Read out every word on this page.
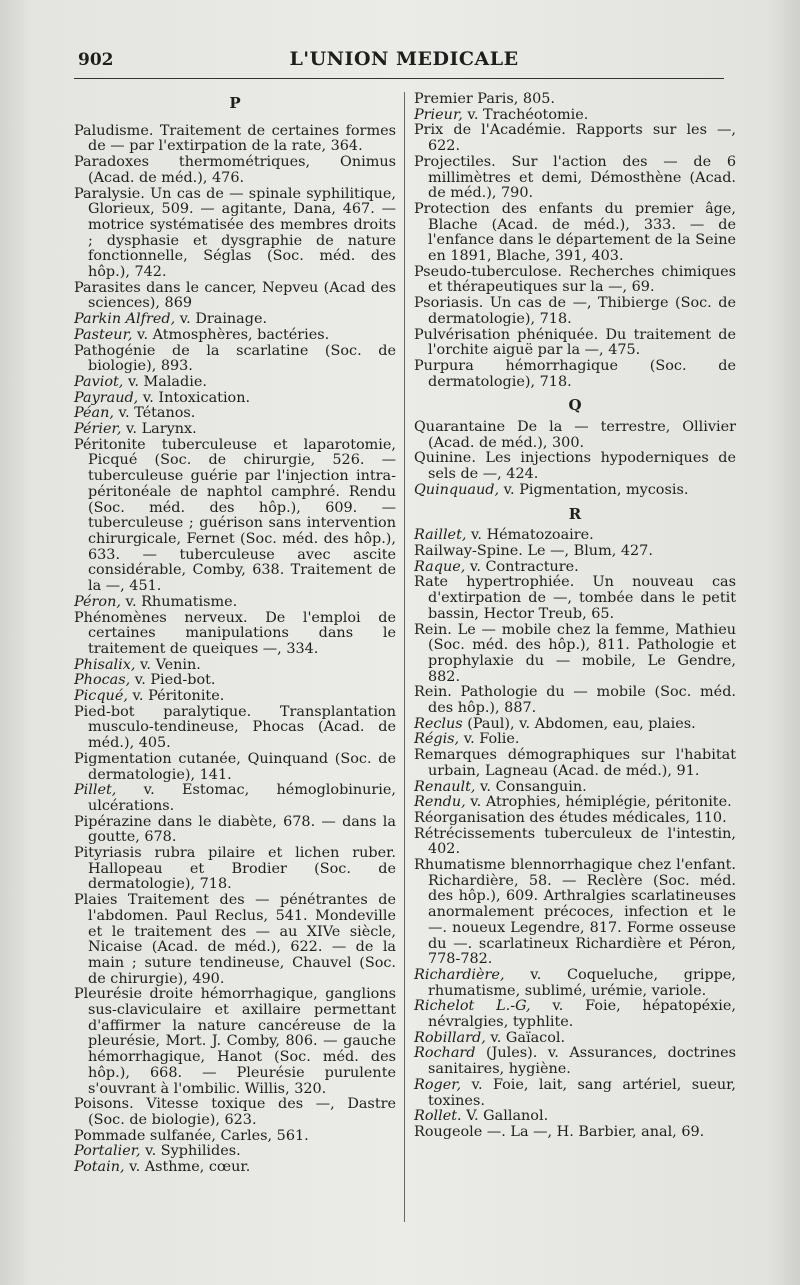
902	L'UNION MEDICALE
P

Paludisme. Traitement de certaines formes de — par l'extirpation de la rate, 364.

Paradoxes thermométriques, Onimus (Acad. de méd.), 476.

Paralysie. Un cas de — spinale syphilitique, Glorieux, 509. — agitante, Dana, 467. — motrice systématisée des membres droits ; dysphasie et dysgraphie de nature fonctionnelle, Séglas (Soc. méd. des hôp.), 742.

Parasites dans le cancer, Nepveu (Acad des sciences), 869

Parkin Alfred, v. Drainage.

Pasteur, v. Atmosphères, bactéries.

Pathogénie de la scarlatine (Soc. de biologie), 893.

Paviot, v. Maladie.

Payraud, v. Intoxication.

Péan, v. Tétanos.

Périer, v. Larynx.

Péritonite tuberculeuse et laparotomie, Picqué (Soc. de chirurgie, 526. — tuberculeuse guérie par l'injection intra-péritonéale de naphtol camphré. Rendu (Soc. méd. des hôp.), 609. — tuberculeuse ; guérison sans intervention chirurgicale, Fernet (Soc. méd. des hôp.), 633. — tuberculeuse avec ascite considérable, Comby, 638. Traitement de la —, 451.

Péron, v. Rhumatisme.

Phénomènes nerveux. De l'emploi de certaines manipulations dans le traitement de queiques —, 334.

Phisalix, v. Venin.

Phocas, v. Pied-bot.

Picqué, v. Péritonite.

Pied-bot paralytique. Transplantation musculo-tendineuse, Phocas (Acad. de méd.), 405.

Pigmentation cutanée, Quinquand (Soc. de dermatologie), 141.

Pillet, v. Estomac, hémoglobinurie, ulcérations.

Pipérazine dans le diabète, 678. — dans la goutte, 678.

Pityriasis rubra pilaire et lichen ruber. Hallopeau et Brodier (Soc. de dermatologie), 718.

Plaies Traitement des — pénétrantes de l'abdomen. Paul Reclus, 541. Mondeville et le traitement des — au XIVe siècle, Nicaise (Acad. de méd.), 622. — de la main ; suture tendineuse, Chauvel (Soc. de chirurgie), 490.

Pleurésie droite hémorrhagique, ganglions sus-claviculaire et axillaire permettant d'affirmer la nature cancéreuse de la pleurésie, Mort. J. Comby, 806. — gauche hémorrhagique, Hanot (Soc. méd. des hôp.), 668. — Pleurésie purulente s'ouvrant à l'ombilic. Willis, 320.

Poisons. Vitesse toxique des —, Dastre (Soc. de biologie), 623.

Pommade sulfanée, Carles, 561.

Portalier, v. Syphilides.

Potain, v. Asthme, cœur.

Premier Paris, 805.

Prieur, v. Trachéotomie.

Prix de l'Académie. Rapports sur les —, 622.

Projectiles. Sur l'action des — de 6 millimètres et demi, Démosthène (Acad. de méd.), 790.

Protection des enfants du premier âge, Blache (Acad. de méd.), 333. — de l'enfance dans le département de la Seine en 1891, Blache, 391, 403.

Pseudo-tuberculose. Recherches chimiques et thérapeutiques sur la —, 69.

Psoriasis. Un cas de —, Thibierge (Soc. de dermatologie), 718.

Pulvérisation phéniquée. Du traitement de l'orchite aiguë par la —, 475.

Purpura hémorrhagique (Soc. de dermatologie), 718.

Q

Quarantaine De la — terrestre, Ollivier (Acad. de méd.), 300.

Quinine. Les injections hypoderniques de sels de —, 424.

Quinquaud, v. Pigmentation, mycosis.

R

Raillet, v. Hématozoaire.

Railway-Spine. Le —, Blum, 427.

Raque, v. Contracture.

Rate hypertrophiée. Un nouveau cas d'extirpation de —, tombée dans le petit bassin, Hector Treub, 65.

Rein. Le — mobile chez la femme, Mathieu (Soc. méd. des hôp.), 811. Pathologie et prophylaxie du — mobile, Le Gendre, 882.

Rein. Pathologie du — mobile (Soc. méd. des hôp.), 887.

Reclus (Paul), v. Abdomen, eau, plaies.

Régis, v. Folie.

Remarques démographiques sur l'habitat urbain, Lagneau (Acad. de méd.), 91.

Renault, v. Consanguin.

Rendu, v. Atrophies, hémiplégie, péritonite.

Réorganisation des études médicales, 110.

Rétrécissements tuberculeux de l'intestin, 402.

Rhumatisme blennorrhagique chez l'enfant. Richardière, 58. — Reclère (Soc. méd. des hôp.), 609. Arthralgies scarlatineuses anormalement précoces, infection et le —. noueux Legendre, 817. Forme osseuse du —. scarlatineux Richardière et Péron, 778-782.

Richardière, v. Coqueluche, grippe, rhumatisme, sublimé, urémie, variole.

Richelot L.-G, v. Foie, hépatopéxie, névralgies, typhlite.

Robillard, v. Gaïacol.

Rochard (Jules). v. Assurances, doctrines sanitaires, hygiène.

Roger, v. Foie, lait, sang artériel, sueur, toxines.

Rollet. V. Gallanol.

Rougeole —. La —, H. Barbier, anal, 69.
